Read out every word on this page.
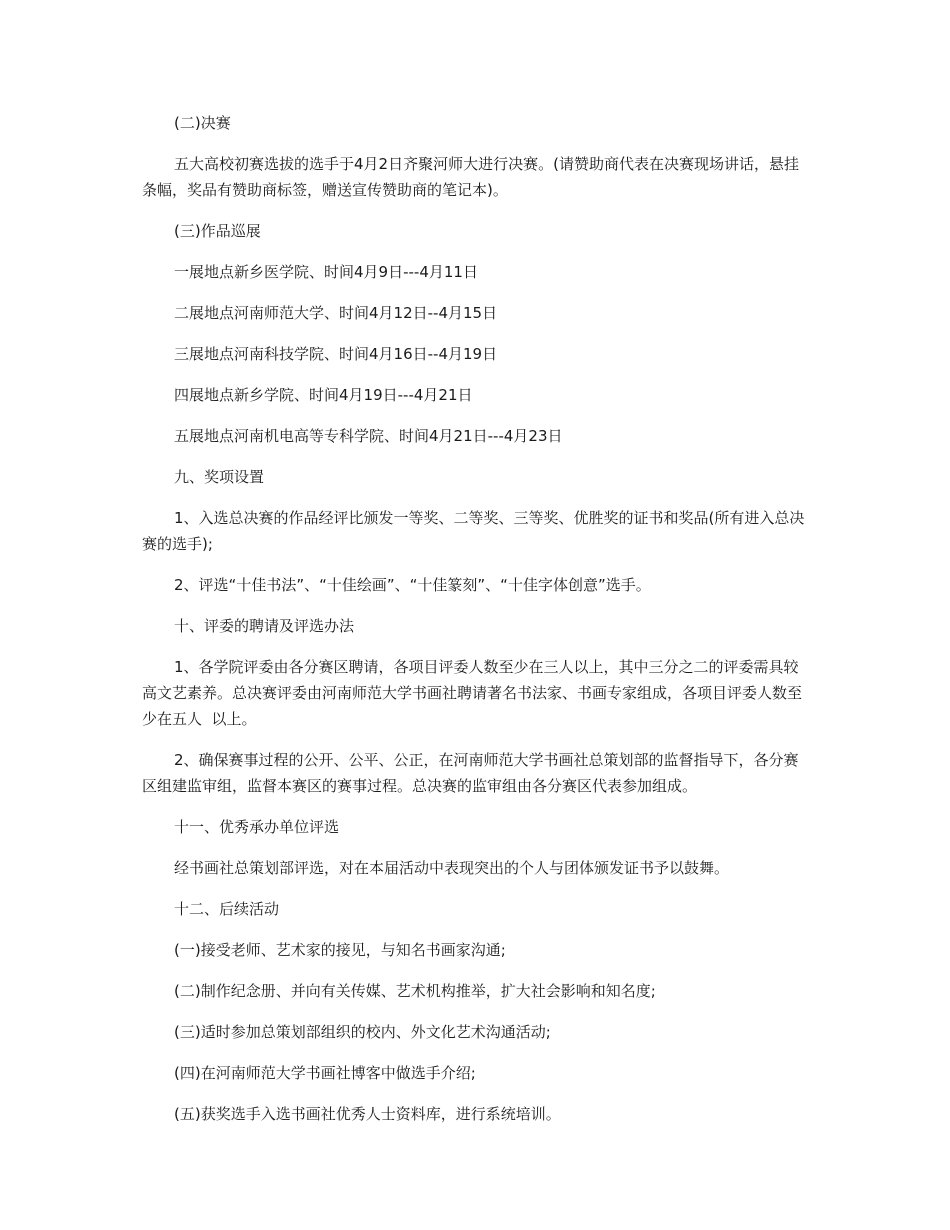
(二)决赛

五大高校初赛选拔的选手于4月2日齐聚河师大进行决赛。(请赞助商代表在决赛现场讲话，悬挂条幅，奖品有赞助商标签，赠送宣传赞助商的笔记本)。

(三)作品巡展

一展地点新乡医学院、时间4月9日---4月11日

二展地点河南师范大学、时间4月12日--4月15日

三展地点河南科技学院、时间4月16日--4月19日

四展地点新乡学院、时间4月19日---4月21日

五展地点河南机电高等专科学院、时间4月21日---4月23日

九、奖项设置

1、入选总决赛的作品经评比颁发一等奖、二等奖、三等奖、优胜奖的证书和奖品(所有进入总决赛的选手);

2、评选“十佳书法”、“十佳绘画”、“十佳篆刻”、“十佳字体创意”选手。

十、评委的聘请及评选办法

1、各学院评委由各分赛区聘请，各项目评委人数至少在三人以上，其中三分之二的评委需具较高文艺素养。总决赛评委由河南师范大学书画社聘请著名书法家、书画专家组成，各项目评委人数至少在五人  以上。

2、确保赛事过程的公开、公平、公正，在河南师范大学书画社总策划部的监督指导下，各分赛区组建监审组，监督本赛区的赛事过程。总决赛的监审组由各分赛区代表参加组成。

十一、优秀承办单位评选

经书画社总策划部评选，对在本届活动中表现突出的个人与团体颁发证书予以鼓舞。

十二、后续活动

(一)接受老师、艺术家的接见，与知名书画家沟通;

(二)制作纪念册、并向有关传媒、艺术机构推举，扩大社会影响和知名度;

(三)适时参加总策划部组织的校内、外文化艺术沟通活动;

(四)在河南师范大学书画社博客中做选手介绍;

(五)获奖选手入选书画社优秀人士资料库，进行系统培训。
